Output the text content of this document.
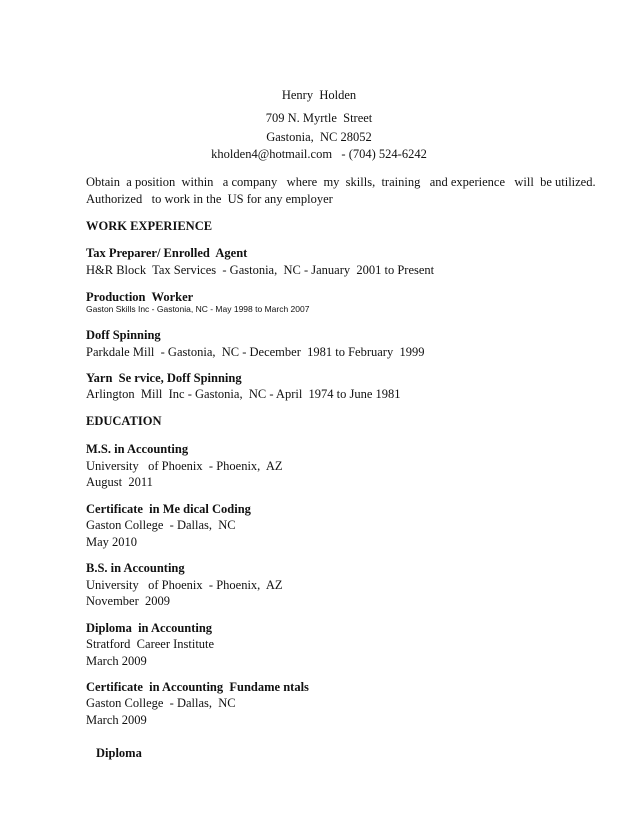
Henry  Holden
709 N. Myrtle  Street
Gastonia,  NC 28052
kholden4@hotmail.com   - (704) 524-6242
Obtain  a position  within   a company   where  my  skills,  training   and experience   will  be utilized.
Authorized   to work in the  US for any employer
WORK EXPERIENCE
Tax Preparer/ Enrolled  Agent
H&R Block  Tax Services  - Gastonia,  NC - January  2001 to Present
Production  Worker
Gaston Skills Inc - Gastonia, NC - May 1998 to March 2007
Doff Spinning
Parkdale Mill  - Gastonia,  NC - December  1981 to February  1999
Yarn  Se rvice, Doff Spinning
Arlington  Mill  Inc - Gastonia,  NC - April  1974 to June 1981
EDUCATION
M.S. in Accounting
University   of Phoenix  - Phoenix,  AZ
August  2011
Certificate  in Me dical Coding
Gaston College  - Dallas,  NC
May 2010
B.S. in Accounting
University   of Phoenix  - Phoenix,  AZ
November  2009
Diploma  in Accounting
Stratford  Career Institute
March 2009
Certificate  in Accounting  Fundame ntals
Gaston College  - Dallas,  NC
March 2009
Diploma
